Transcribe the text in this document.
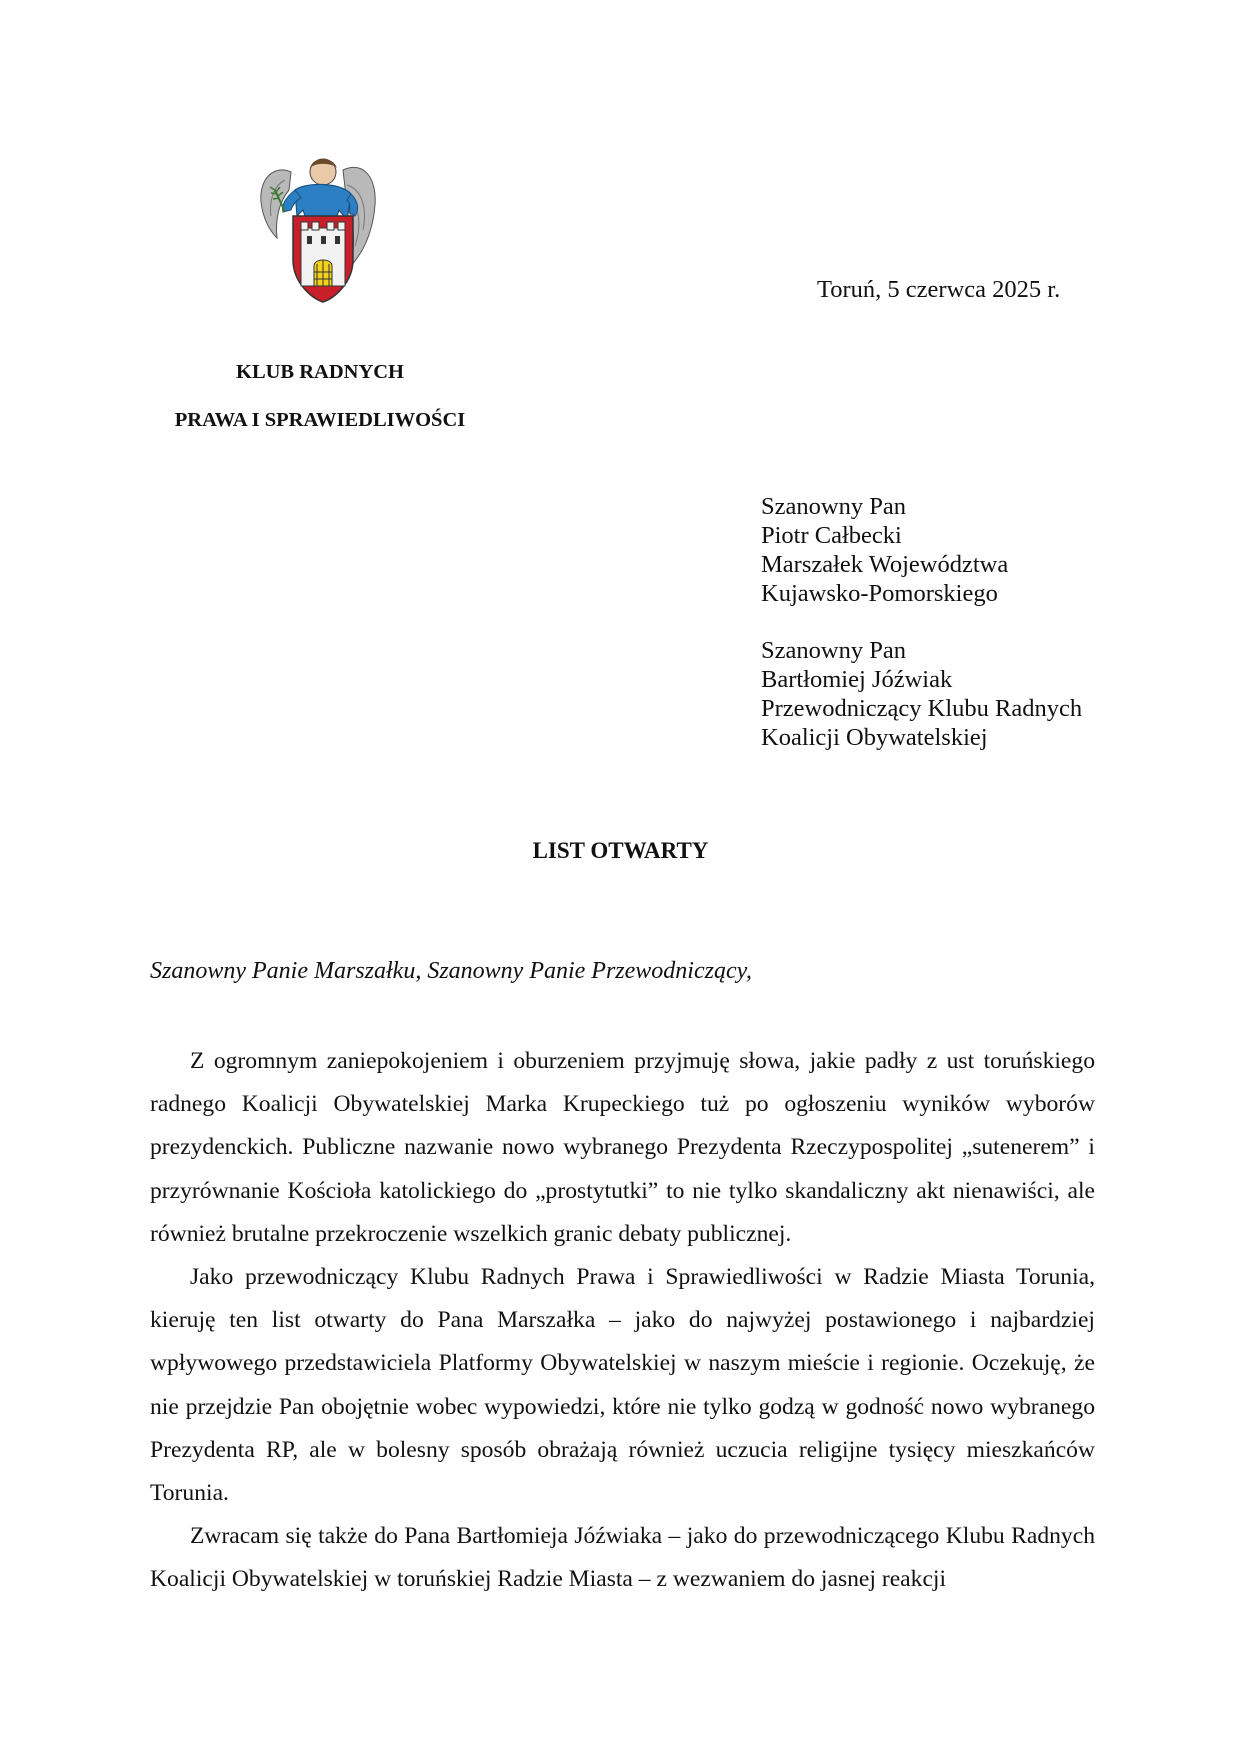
Toruń, 5 czerwca 2025 r.
KLUB RADNYCH
PRAWA I SPRAWIEDLIWOŚCI
Szanowny Pan
Piotr Całbecki
Marszałek Województwa
Kujawsko-Pomorskiego
Szanowny Pan
Bartłomiej Jóźwiak
Przewodniczący Klubu Radnych
Koalicji Obywatelskiej
LIST OTWARTY
Szanowny Panie Marszałku, Szanowny Panie Przewodniczący,

Z ogromnym zaniepokojeniem i oburzeniem przyjmuję słowa, jakie padły z ust toruńskiego radnego Koalicji Obywatelskiej Marka Krupeckiego tuż po ogłoszeniu wyników wyborów prezydenckich. Publiczne nazwanie nowo wybranego Prezydenta Rzeczypospolitej „sutenerem” i przyrównanie Kościoła katolickiego do „prostytutki” to nie tylko skandaliczny akt nienawiści, ale również brutalne przekroczenie wszelkich granic debaty publicznej.

Jako przewodniczący Klubu Radnych Prawa i Sprawiedliwości w Radzie Miasta Torunia, kieruję ten list otwarty do Pana Marszałka – jako do najwyżej postawionego i najbardziej wpływowego przedstawiciela Platformy Obywatelskiej w naszym mieście i regionie. Oczekuję, że nie przejdzie Pan obojętnie wobec wypowiedzi, które nie tylko godzą w godność nowo wybranego Prezydenta RP, ale w bolesny sposób obrażają również uczucia religijne tysięcy mieszkańców Torunia.

Zwracam się także do Pana Bartłomieja Jóźwiaka – jako do przewodniczącego Klubu Radnych Koalicji Obywatelskiej w toruńskiej Radzie Miasta – z wezwaniem do jasnej reakcji
